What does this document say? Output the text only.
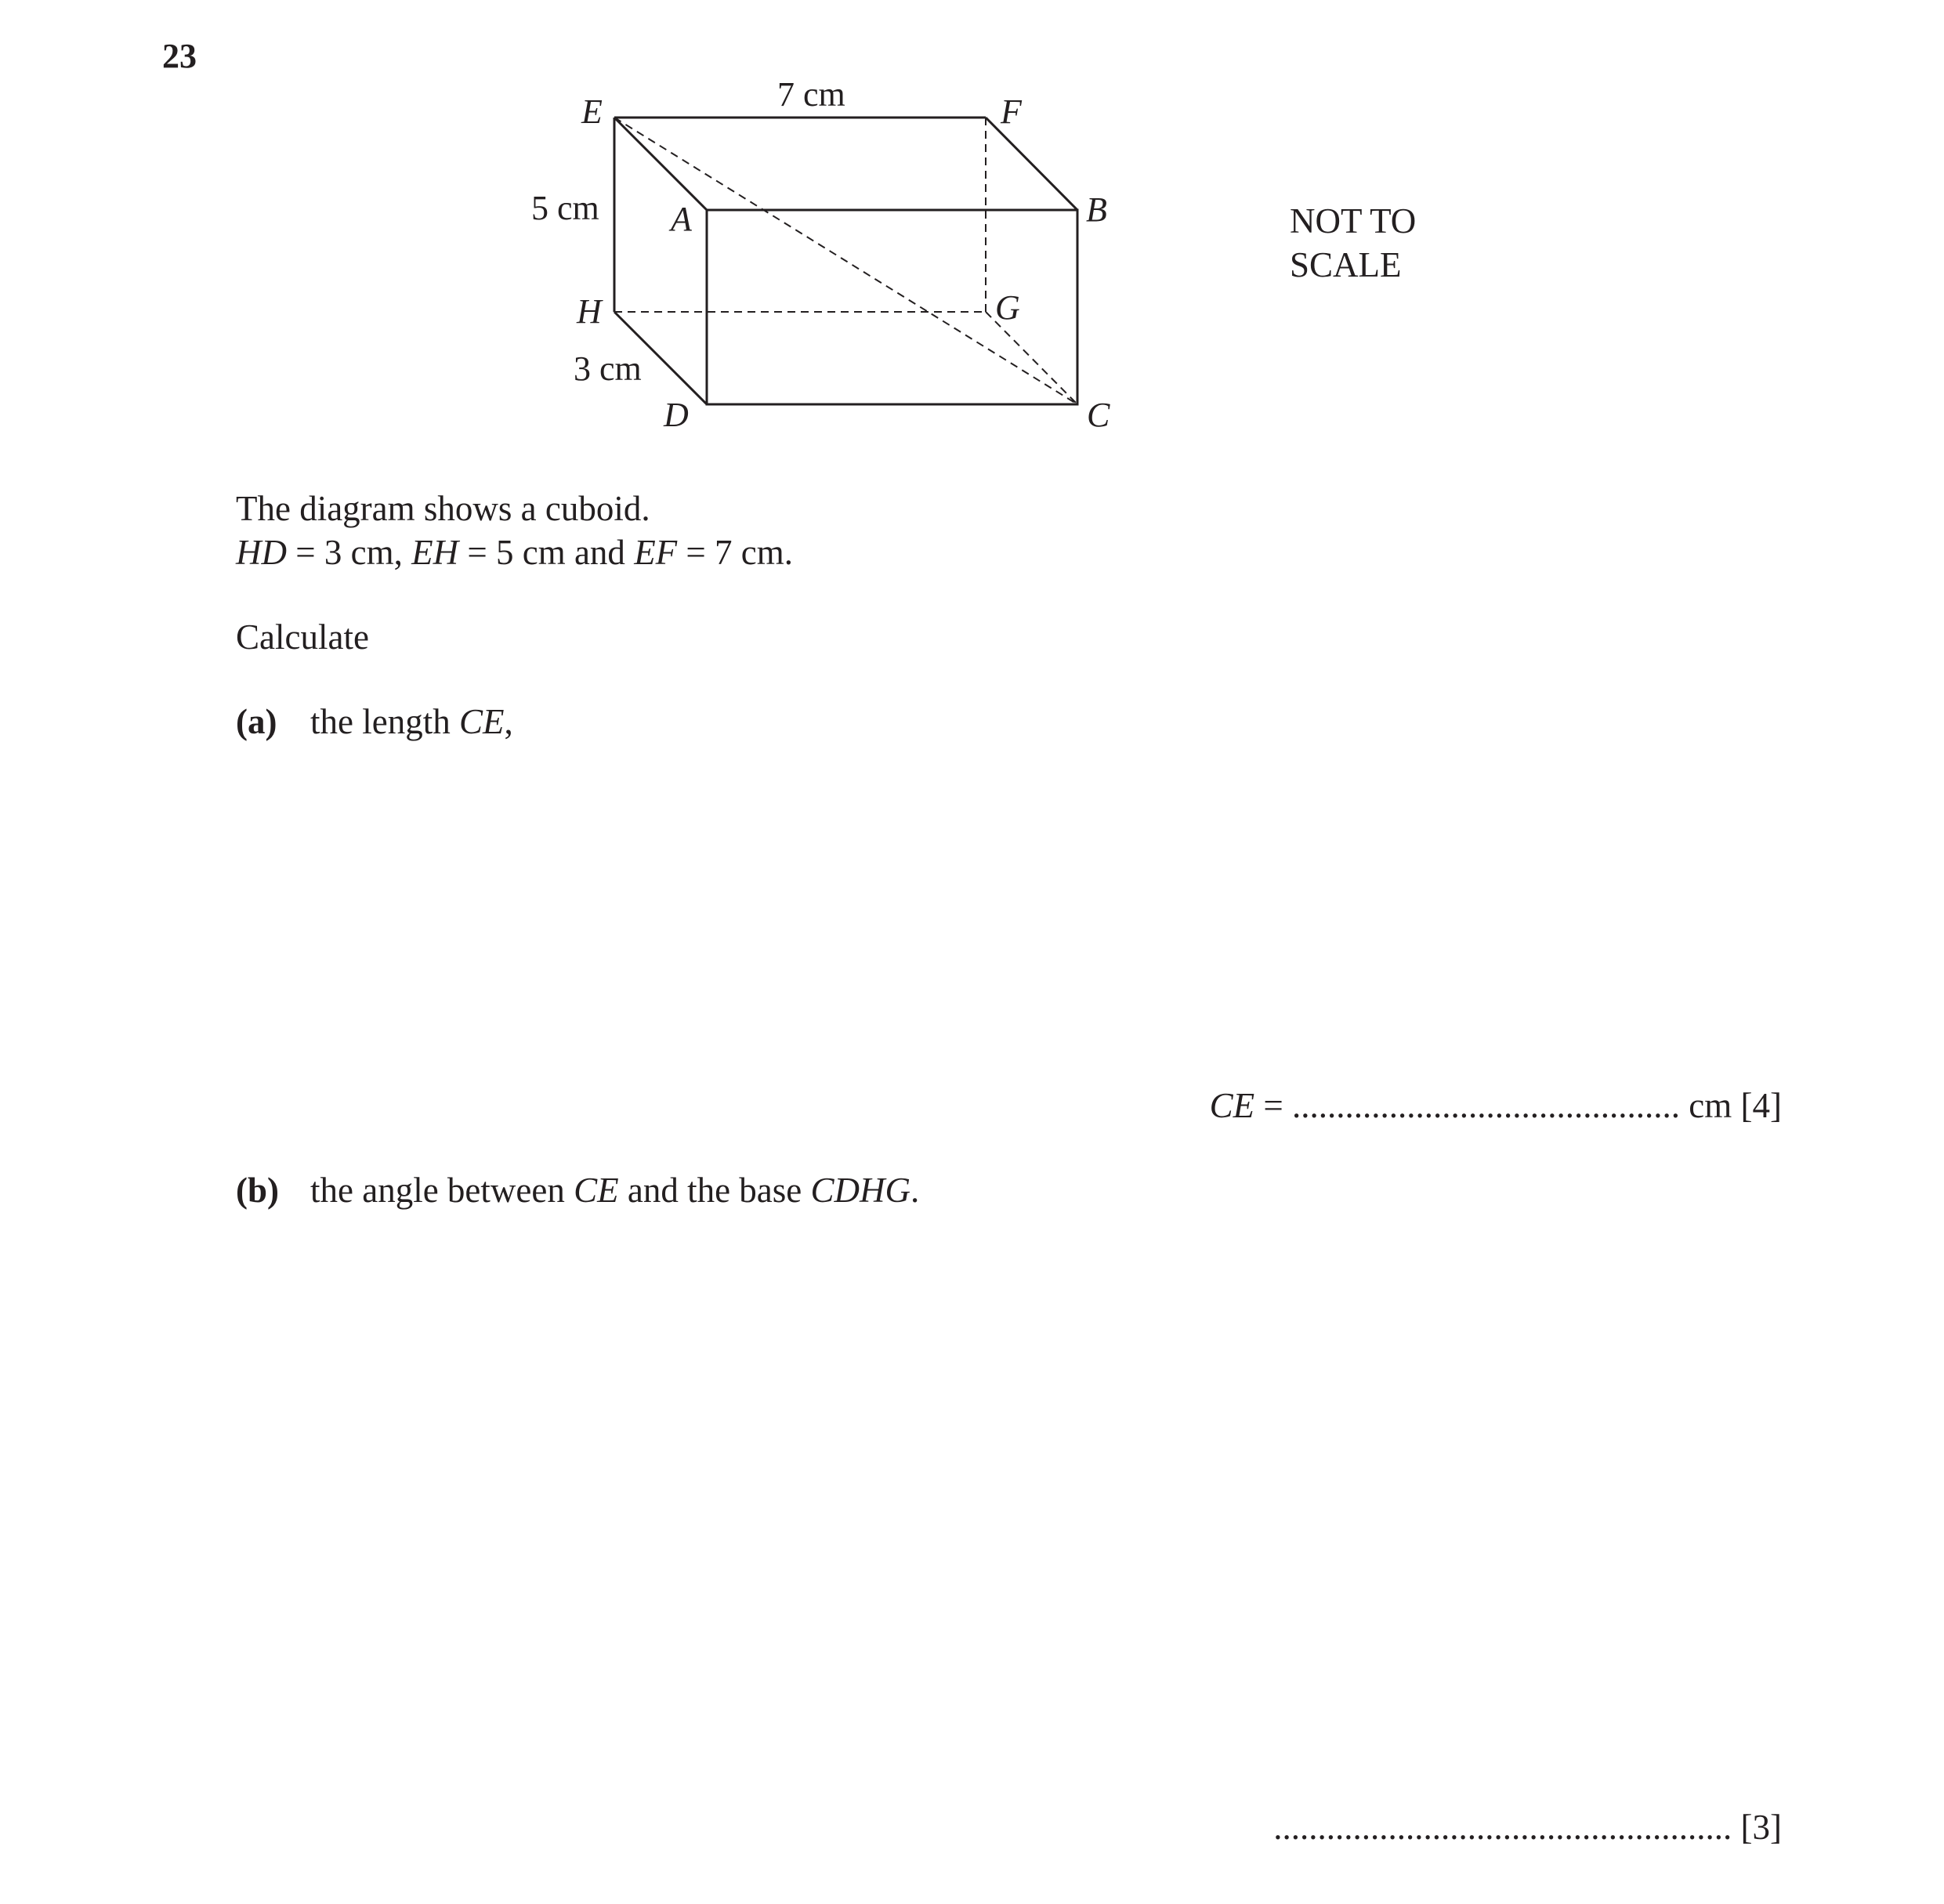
23
E	F
A	B
H	G
D	C
7 cm
5 cm
3 cm
NOT TO
SCALE
The diagram shows a cuboid.
HD = 3 cm, EH = 5 cm and EF = 7 cm.
Calculate
(a) the length CE,
CE = ............................................ cm [4]
(b) the angle between CE and the base CDHG.
.................................................... [3]
